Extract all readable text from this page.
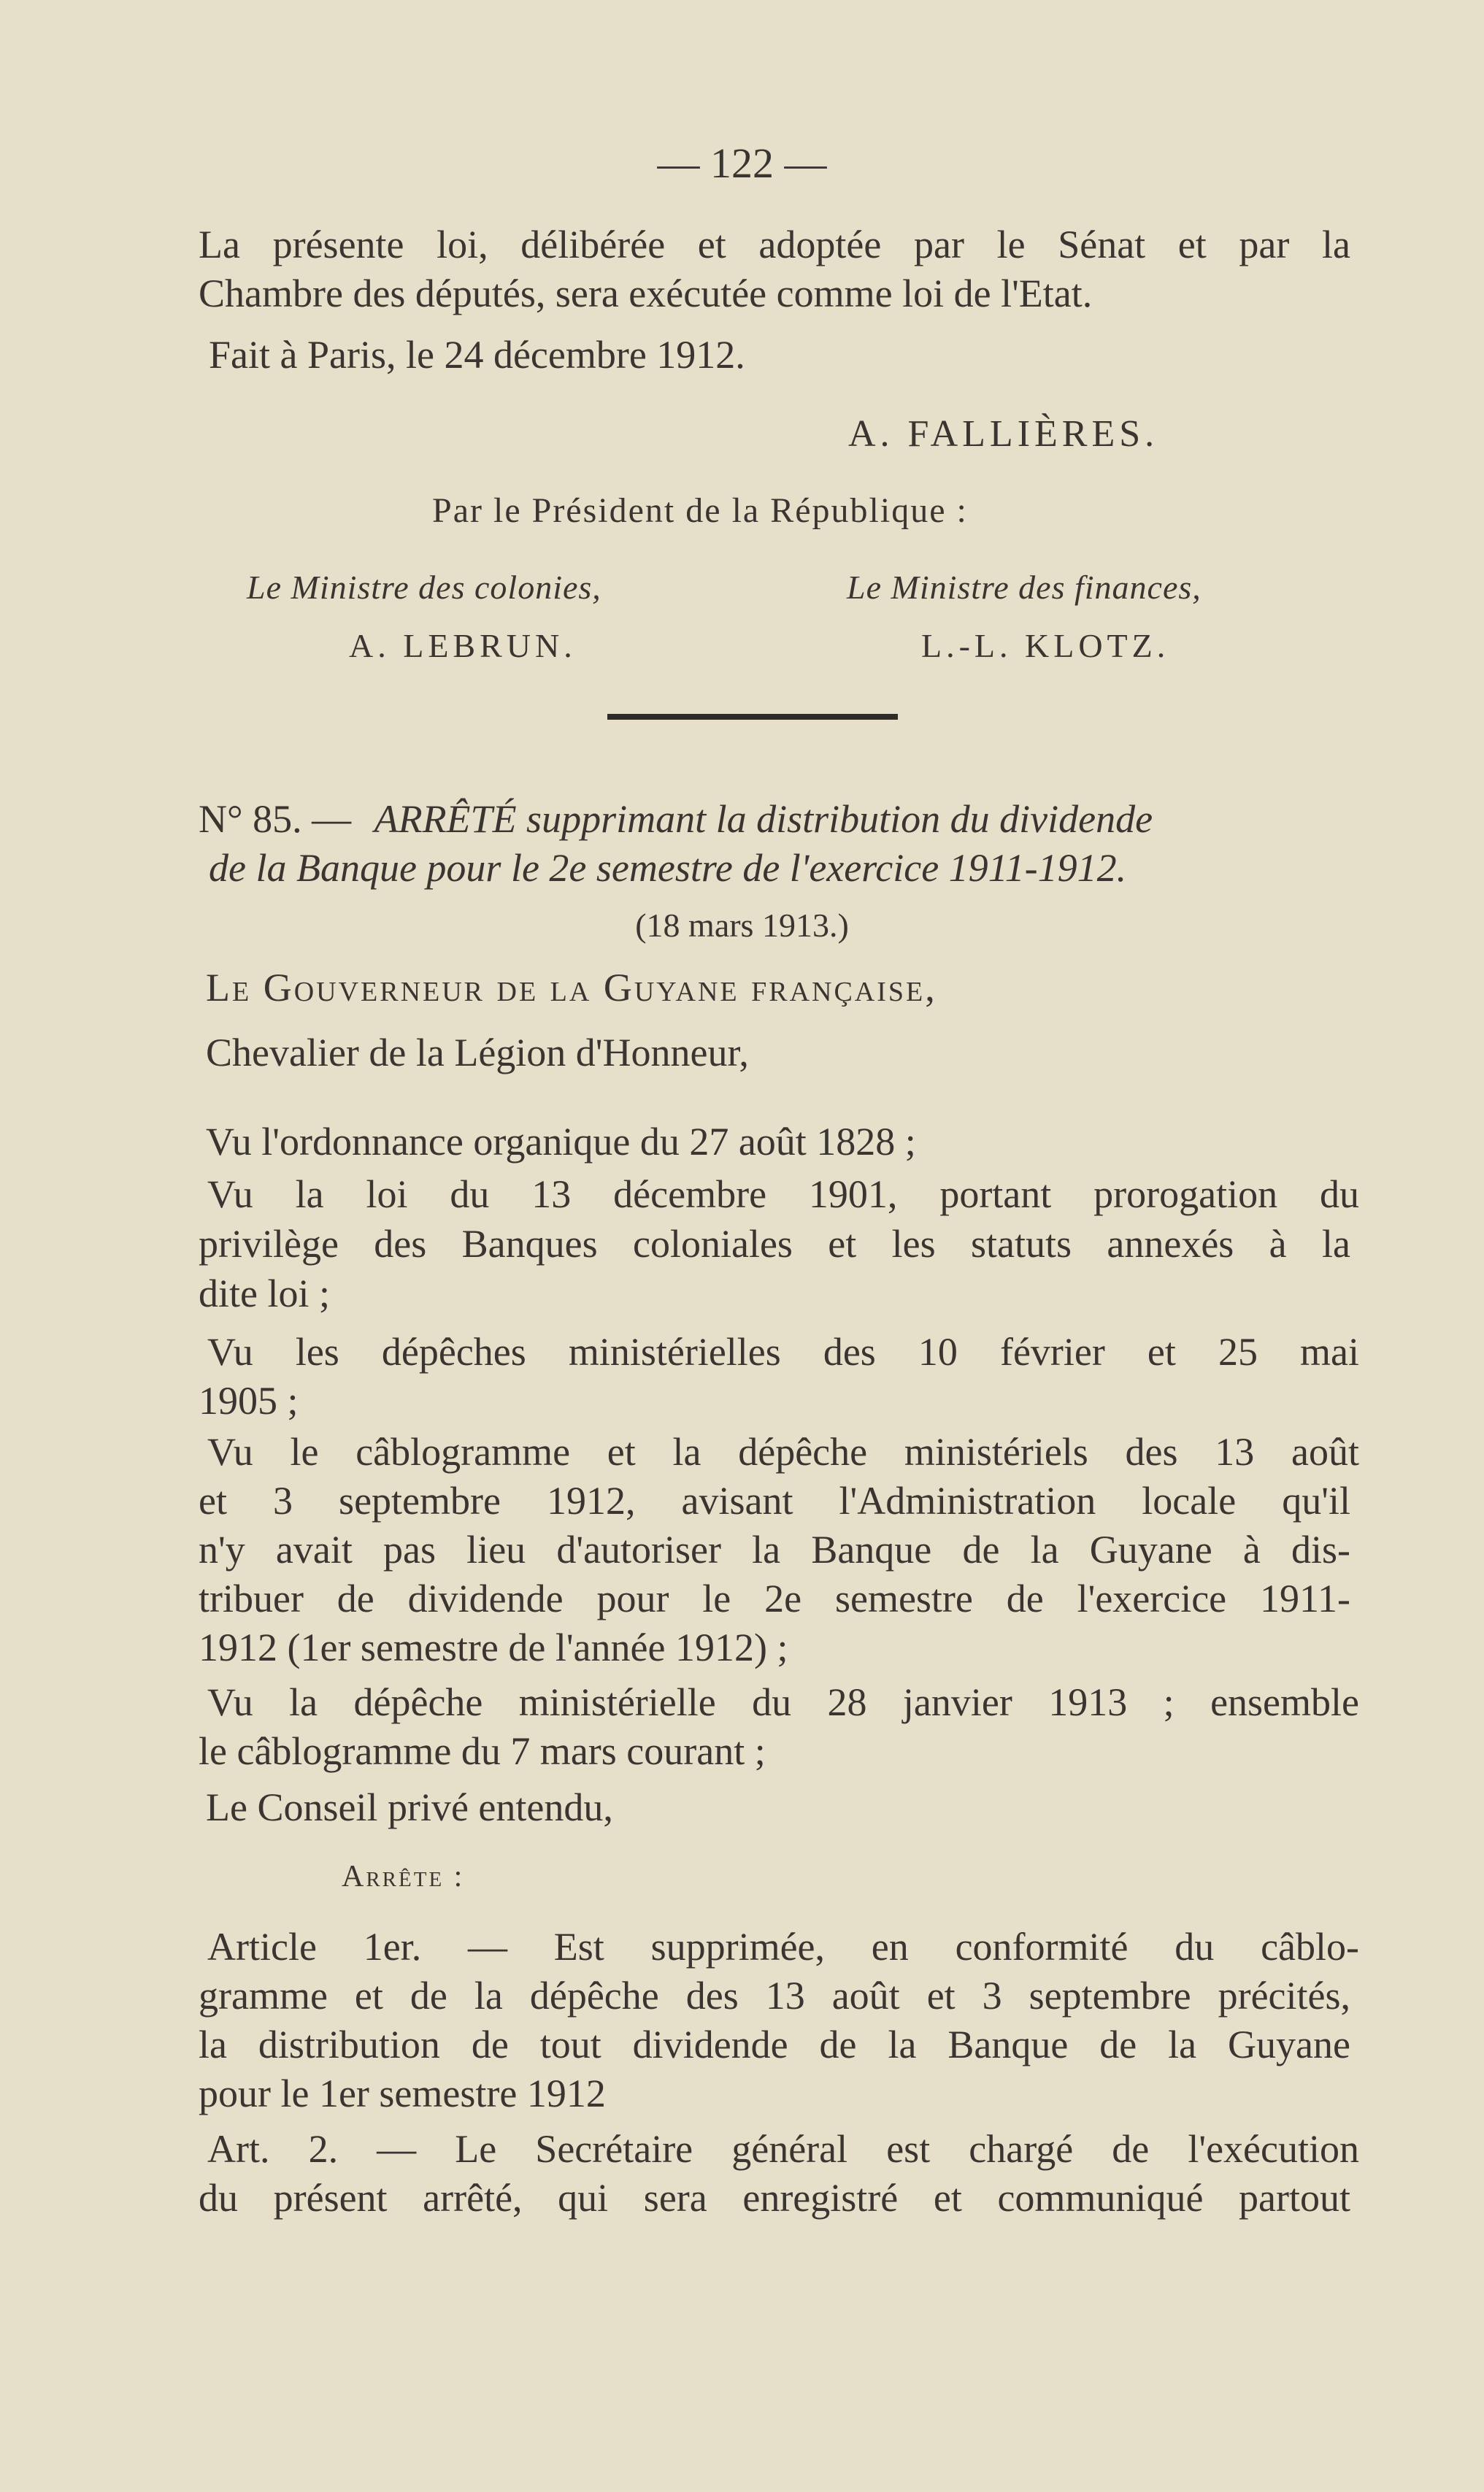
— 122 —
La présente loi, délibérée et adoptée par le Sénat et par la
Chambre des députés, sera exécutée comme loi de l'Etat.
Fait à Paris, le 24 décembre 1912.
A. FALLIÈRES.
Par le Président de la République :
Le Ministre des colonies,
A. LEBRUN.
Le Ministre des finances,
L.-L. KLOTZ.
N° 85. — ARRÊTÉ supprimant la distribution du dividende
de la Banque pour le 2e semestre de l'exercice 1911-1912.
(18 mars 1913.)
Le Gouverneur de la Guyane française,
Chevalier de la Légion d'Honneur,
Vu l'ordonnance organique du 27 août 1828 ;
Vu la loi du 13 décembre 1901, portant prorogation du
privilège des Banques coloniales et les statuts annexés à la
dite loi ;
Vu les dépêches ministérielles des 10 février et 25 mai
1905 ;
Vu le câblogramme et la dépêche ministériels des 13 août
et 3 septembre 1912, avisant l'Administration locale qu'il
n'y avait pas lieu d'autoriser la Banque de la Guyane à dis-
tribuer de dividende pour le 2e semestre de l'exercice 1911-
1912 (1er semestre de l'année 1912) ;
Vu la dépêche ministérielle du 28 janvier 1913 ; ensemble
le câblogramme du 7 mars courant ;
Le Conseil privé entendu,
Arrête :
Article 1er. — Est supprimée, en conformité du câblo-
gramme et de la dépêche des 13 août et 3 septembre précités,
la distribution de tout dividende de la Banque de la Guyane
pour le 1er semestre 1912
Art. 2. — Le Secrétaire général est chargé de l'exécution
du présent arrêté, qui sera enregistré et communiqué partout
